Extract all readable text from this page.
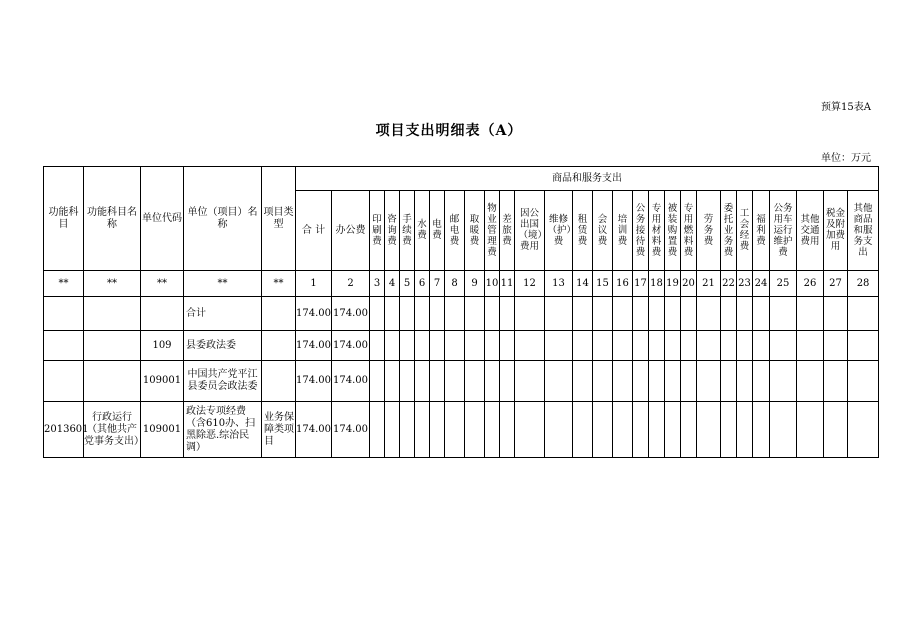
预算15表A
项目支出明细表（A）
单位：万元
功能科目	功能科目名称	单位代码	单位（项目）名称	项目类型	商品和服务支出																											
					合 计	办公费	印刷费	咨询费	手续费	水费	电费	邮电费	取暖费	物业管理费	差旅费	因公出国（境）费用	维修（护）费	租赁费	会议费	培训费	公务接待费	专用材料费	被装购置费	专用燃料费	劳务费	委托业务费	工会经费	福利费	公务用车运行维护费	其他交通费用	税金及附加费用	其他商品和服务支出
**	**	**	**	**	1	2	3	4	5	6	7	8	9	10	11	12	13	14	15	16	17	18	19	20	21	22	23	24	25	26	27	28
			合计		174.00	174.00																										
		109	县委政法委		174.00	174.00																										
		109001	中国共产党平江县委员会政法委		174.00	174.00																										
2013601	行政运行（其他共产党事务支出）	109001	政法专项经费（含610办、扫黑除恶.综治民调）	业务保障类项目	174.00	174.00																										
